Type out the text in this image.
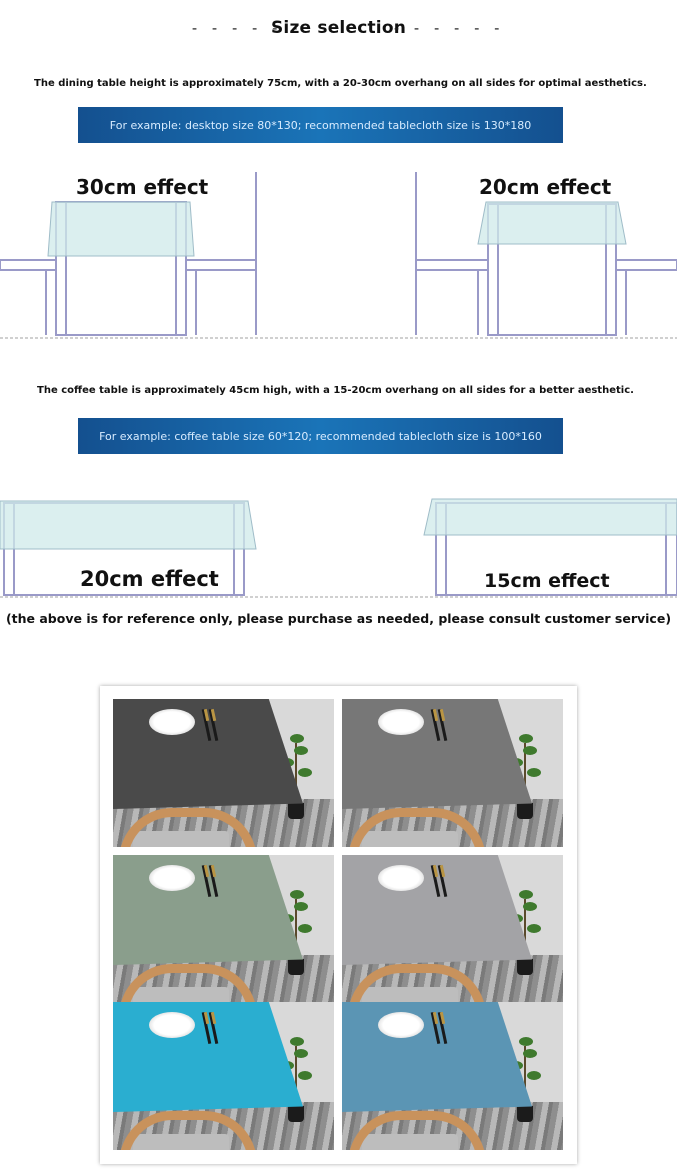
- - - - - -
Size selection
- - - - - -
The dining table height is approximately 75cm, with a 20-30cm overhang on all sides for optimal aesthetics.
For example: desktop size 80*130; recommended tablecloth size is 130*180
30cm effect	20cm effect
The coffee table is approximately 45cm high, with a 15-20cm overhang on all sides for a better aesthetic.
For example: coffee table size 60*120; recommended tablecloth size is 100*160
20cm effect	15cm effect
(the above is for reference only, please purchase as needed, please consult customer service)
